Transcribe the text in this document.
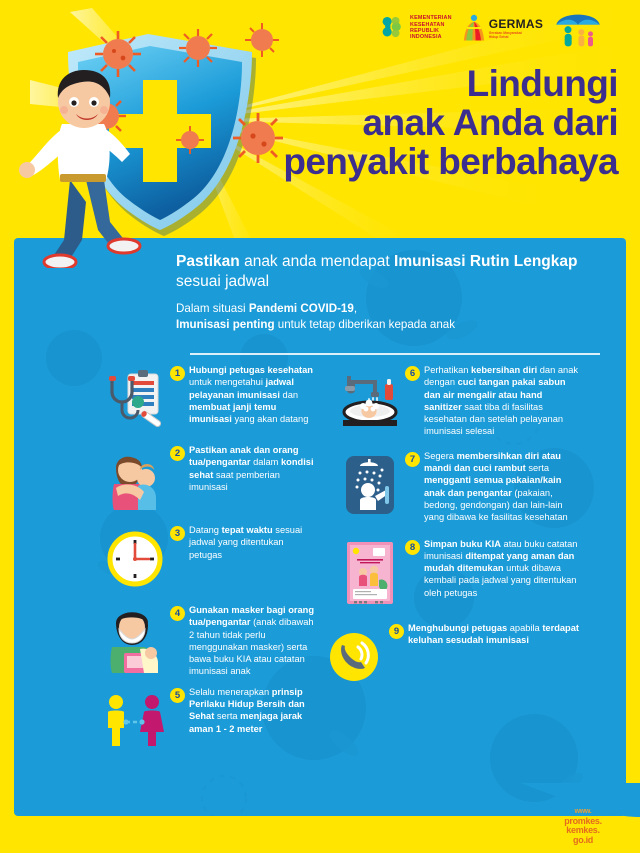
KEMENTERIAN
KESEHATAN
REPUBLIK
INDONESIA
GERMAS
Gerakan Masyarakat
Hidup Sehat
Lindungi
anak Anda dari
penyakit berbahaya
Pastikan anak anda mendapat Imunisasi Rutin Lengkap sesuai jadwal
Dalam situasi Pandemi COVID-19,
Imunisasi penting untuk tetap diberikan kepada anak
1 Hubungi petugas kesehatan untuk mengetahui jadwal pelayanan imunisasi dan membuat janji temu imunisasi yang akan datang
2 Pastikan anak dan orang tua/pengantar dalam kondisi sehat saat pemberian imunisasi
3 Datang tepat waktu sesuai jadwal yang ditentukan petugas
4 Gunakan masker bagi orang tua/pengantar (anak dibawah 2 tahun tidak perlu menggunakan masker) serta bawa buku KIA atau catatan imunisasi anak
5 Selalu menerapkan prinsip Perilaku Hidup Bersih dan Sehat serta menjaga jarak aman 1 - 2 meter
6 Perhatikan kebersihan diri dan anak dengan cuci tangan pakai sabun dan air mengalir atau hand sanitizer saat tiba di fasilitas kesehatan dan setelah pelayanan imunisasi selesai
7 Segera membersihkan diri atau mandi dan cuci rambut serta mengganti semua pakaian/kain anak dan pengantar (pakaian, bedong, gendongan) dan lain-lain yang dibawa ke fasilitas kesehatan
8 Simpan buku KIA atau buku catatan imunisasi ditempat yang aman dan mudah ditemukan untuk dibawa kembali pada jadwal yang ditentukan oleh petugas
9 Menghubungi petugas apabila terdapat keluhan sesudah imunisasi
www.
promkes.
kemkes.
go.id
